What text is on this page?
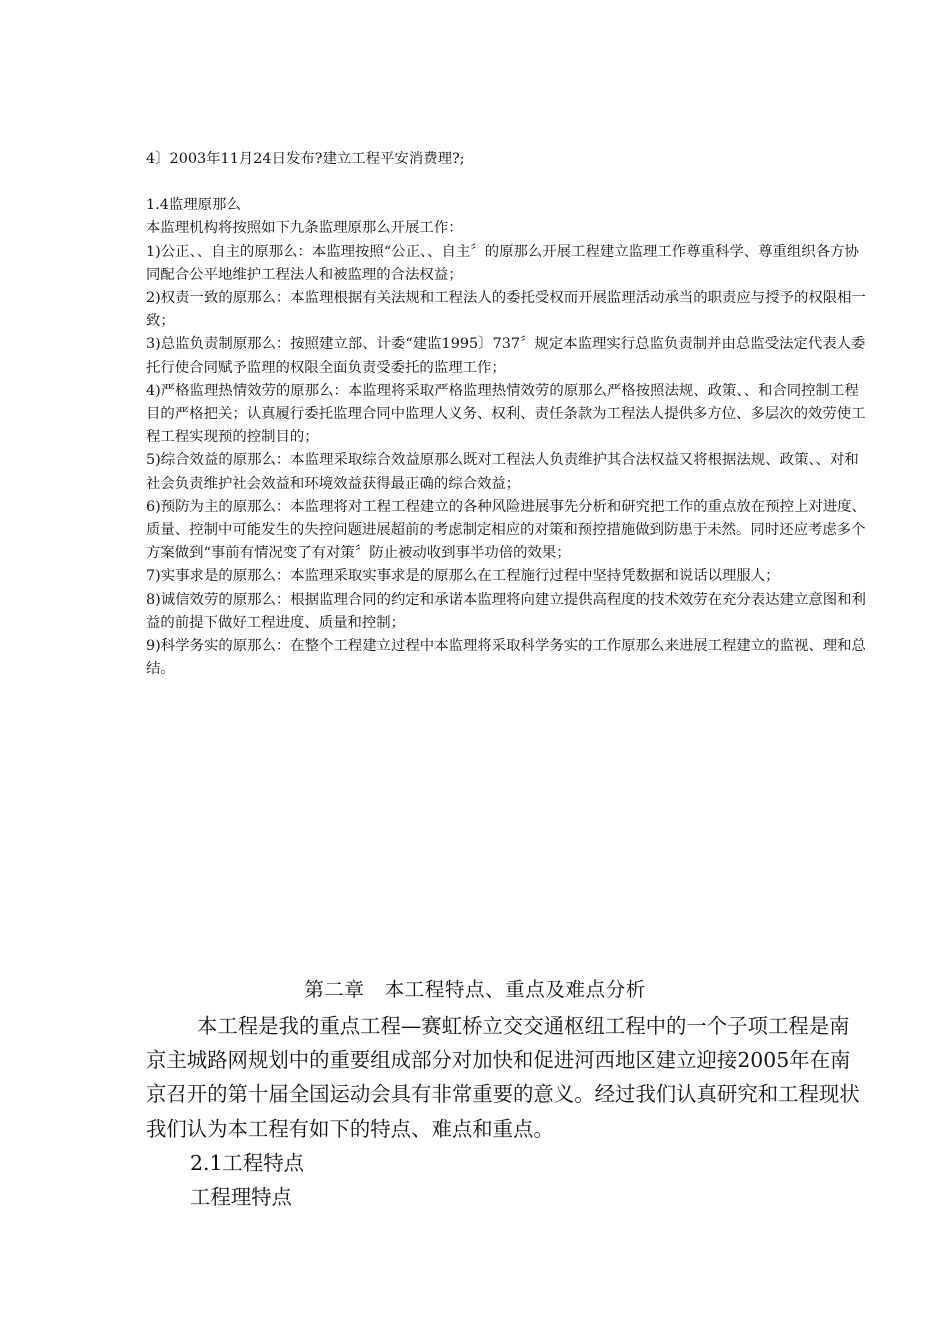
4〕2003年11月24日发布?建立工程平安消费理?;

1.4监理原那么

本监理机构将按照如下九条监理原那么开展工作：

1)公正、、自主的原那么：本监理按照“公正、、自主〞的原那么开展工程建立监理工作尊重科学、尊重组织各方协同配合公平地维护工程法人和被监理的合法权益；

2)权责一致的原那么：本监理根据有关法规和工程法人的委托受权而开展监理活动承当的职责应与授予的权限相一致；

3)总监负责制原那么：按照建立部、计委“建监1995〕737〞规定本监理实行总监负责制并由总监受法定代表人委托行使合同赋予监理的权限全面负责受委托的监理工作；

4)严格监理热情效劳的原那么：本监理将采取严格监理热情效劳的原那么严格按照法规、政策、、和合同控制工程目的严格把关；认真履行委托监理合同中监理人义务、权利、责任条款为工程法人提供多方位、多层次的效劳使工程工程实现预的控制目的；

5)综合效益的原那么：本监理采取综合效益原那么既对工程法人负责维护其合法权益又将根据法规、政策、、对和社会负责维护社会效益和环境效益获得最正确的综合效益；

6)预防为主的原那么：本监理将对工程工程建立的各种风险进展事先分析和研究把工作的重点放在预控上对进度、质量、控制中可能发生的失控问题进展超前的考虑制定相应的对策和预控措施做到防患于未然。同时还应考虑多个方案做到“事前有情况变了有对策〞防止被动收到事半功倍的效果；

7)实事求是的原那么：本监理采取实事求是的原那么在工程施行过程中坚持凭数据和说话以理服人；

8)诚信效劳的原那么：根据监理合同的约定和承诺本监理将向建立提供高程度的技术效劳在充分表达建立意图和利益的前提下做好工程进度、质量和控制；

9)科学务实的原那么：在整个工程建立过程中本监理将采取科学务实的工作原那么来进展工程建立的监视、理和总结。

第二章　本工程特点、重点及难点分析

本工程是我的重点工程—赛虹桥立交交通枢纽工程中的一个子项工程是南京主城路网规划中的重要组成部分对加快和促进河西地区建立迎接2005年在南京召开的第十届全国运动会具有非常重要的意义。经过我们认真研究和工程现状我们认为本工程有如下的特点、难点和重点。

2.1工程特点

工程理特点
